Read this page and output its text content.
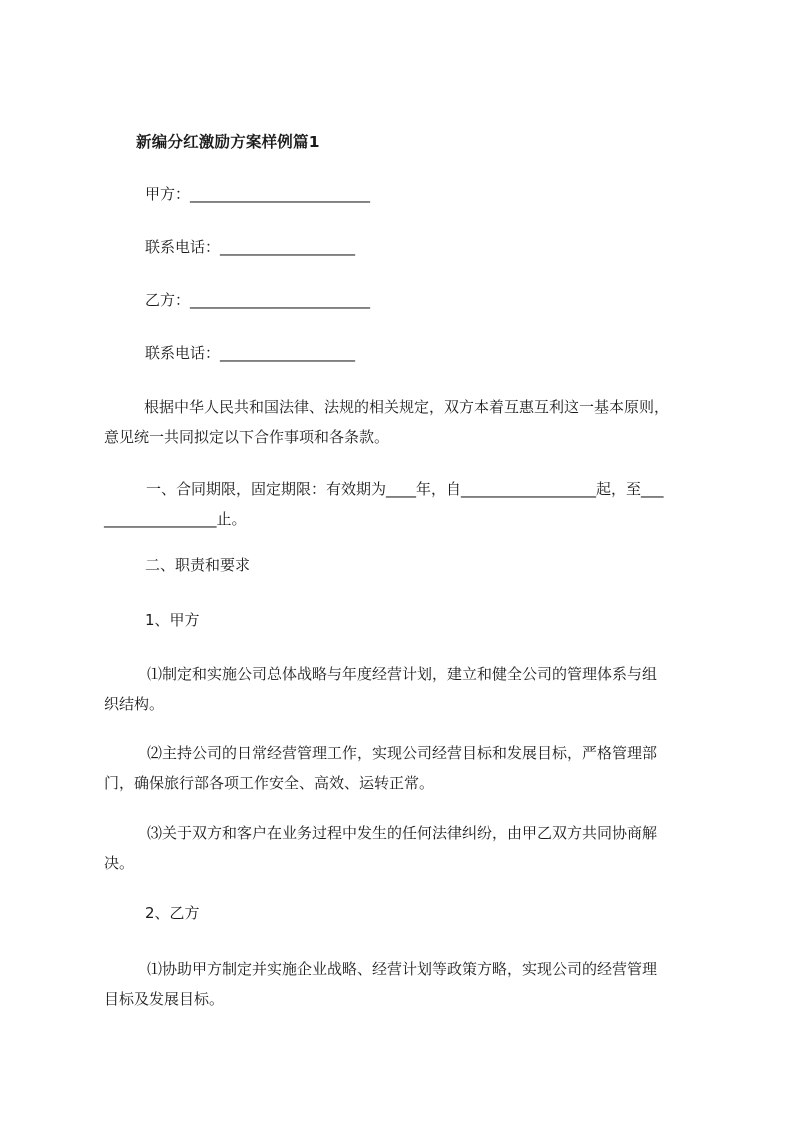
新编分红激励方案样例篇1
甲方：________________________
联系电话：__________________
乙方：________________________
联系电话：__________________
根据中华人民共和国法律、法规的相关规定，双方本着互惠互利这一基本原则，
意见统一共同拟定以下合作事项和各条款。
一、合同期限，固定期限：有效期为____年，自__________________起，至___
_______________止。
二、职责和要求
1、甲方
⑴制定和实施公司总体战略与年度经营计划，建立和健全公司的管理体系与组
织结构。
⑵主持公司的日常经营管理工作，实现公司经营目标和发展目标，严格管理部
门，确保旅行部各项工作安全、高效、运转正常。
⑶关于双方和客户在业务过程中发生的任何法律纠纷，由甲乙双方共同协商解
决。
2、乙方
⑴协助甲方制定并实施企业战略、经营计划等政策方略，实现公司的经营管理
目标及发展目标。
